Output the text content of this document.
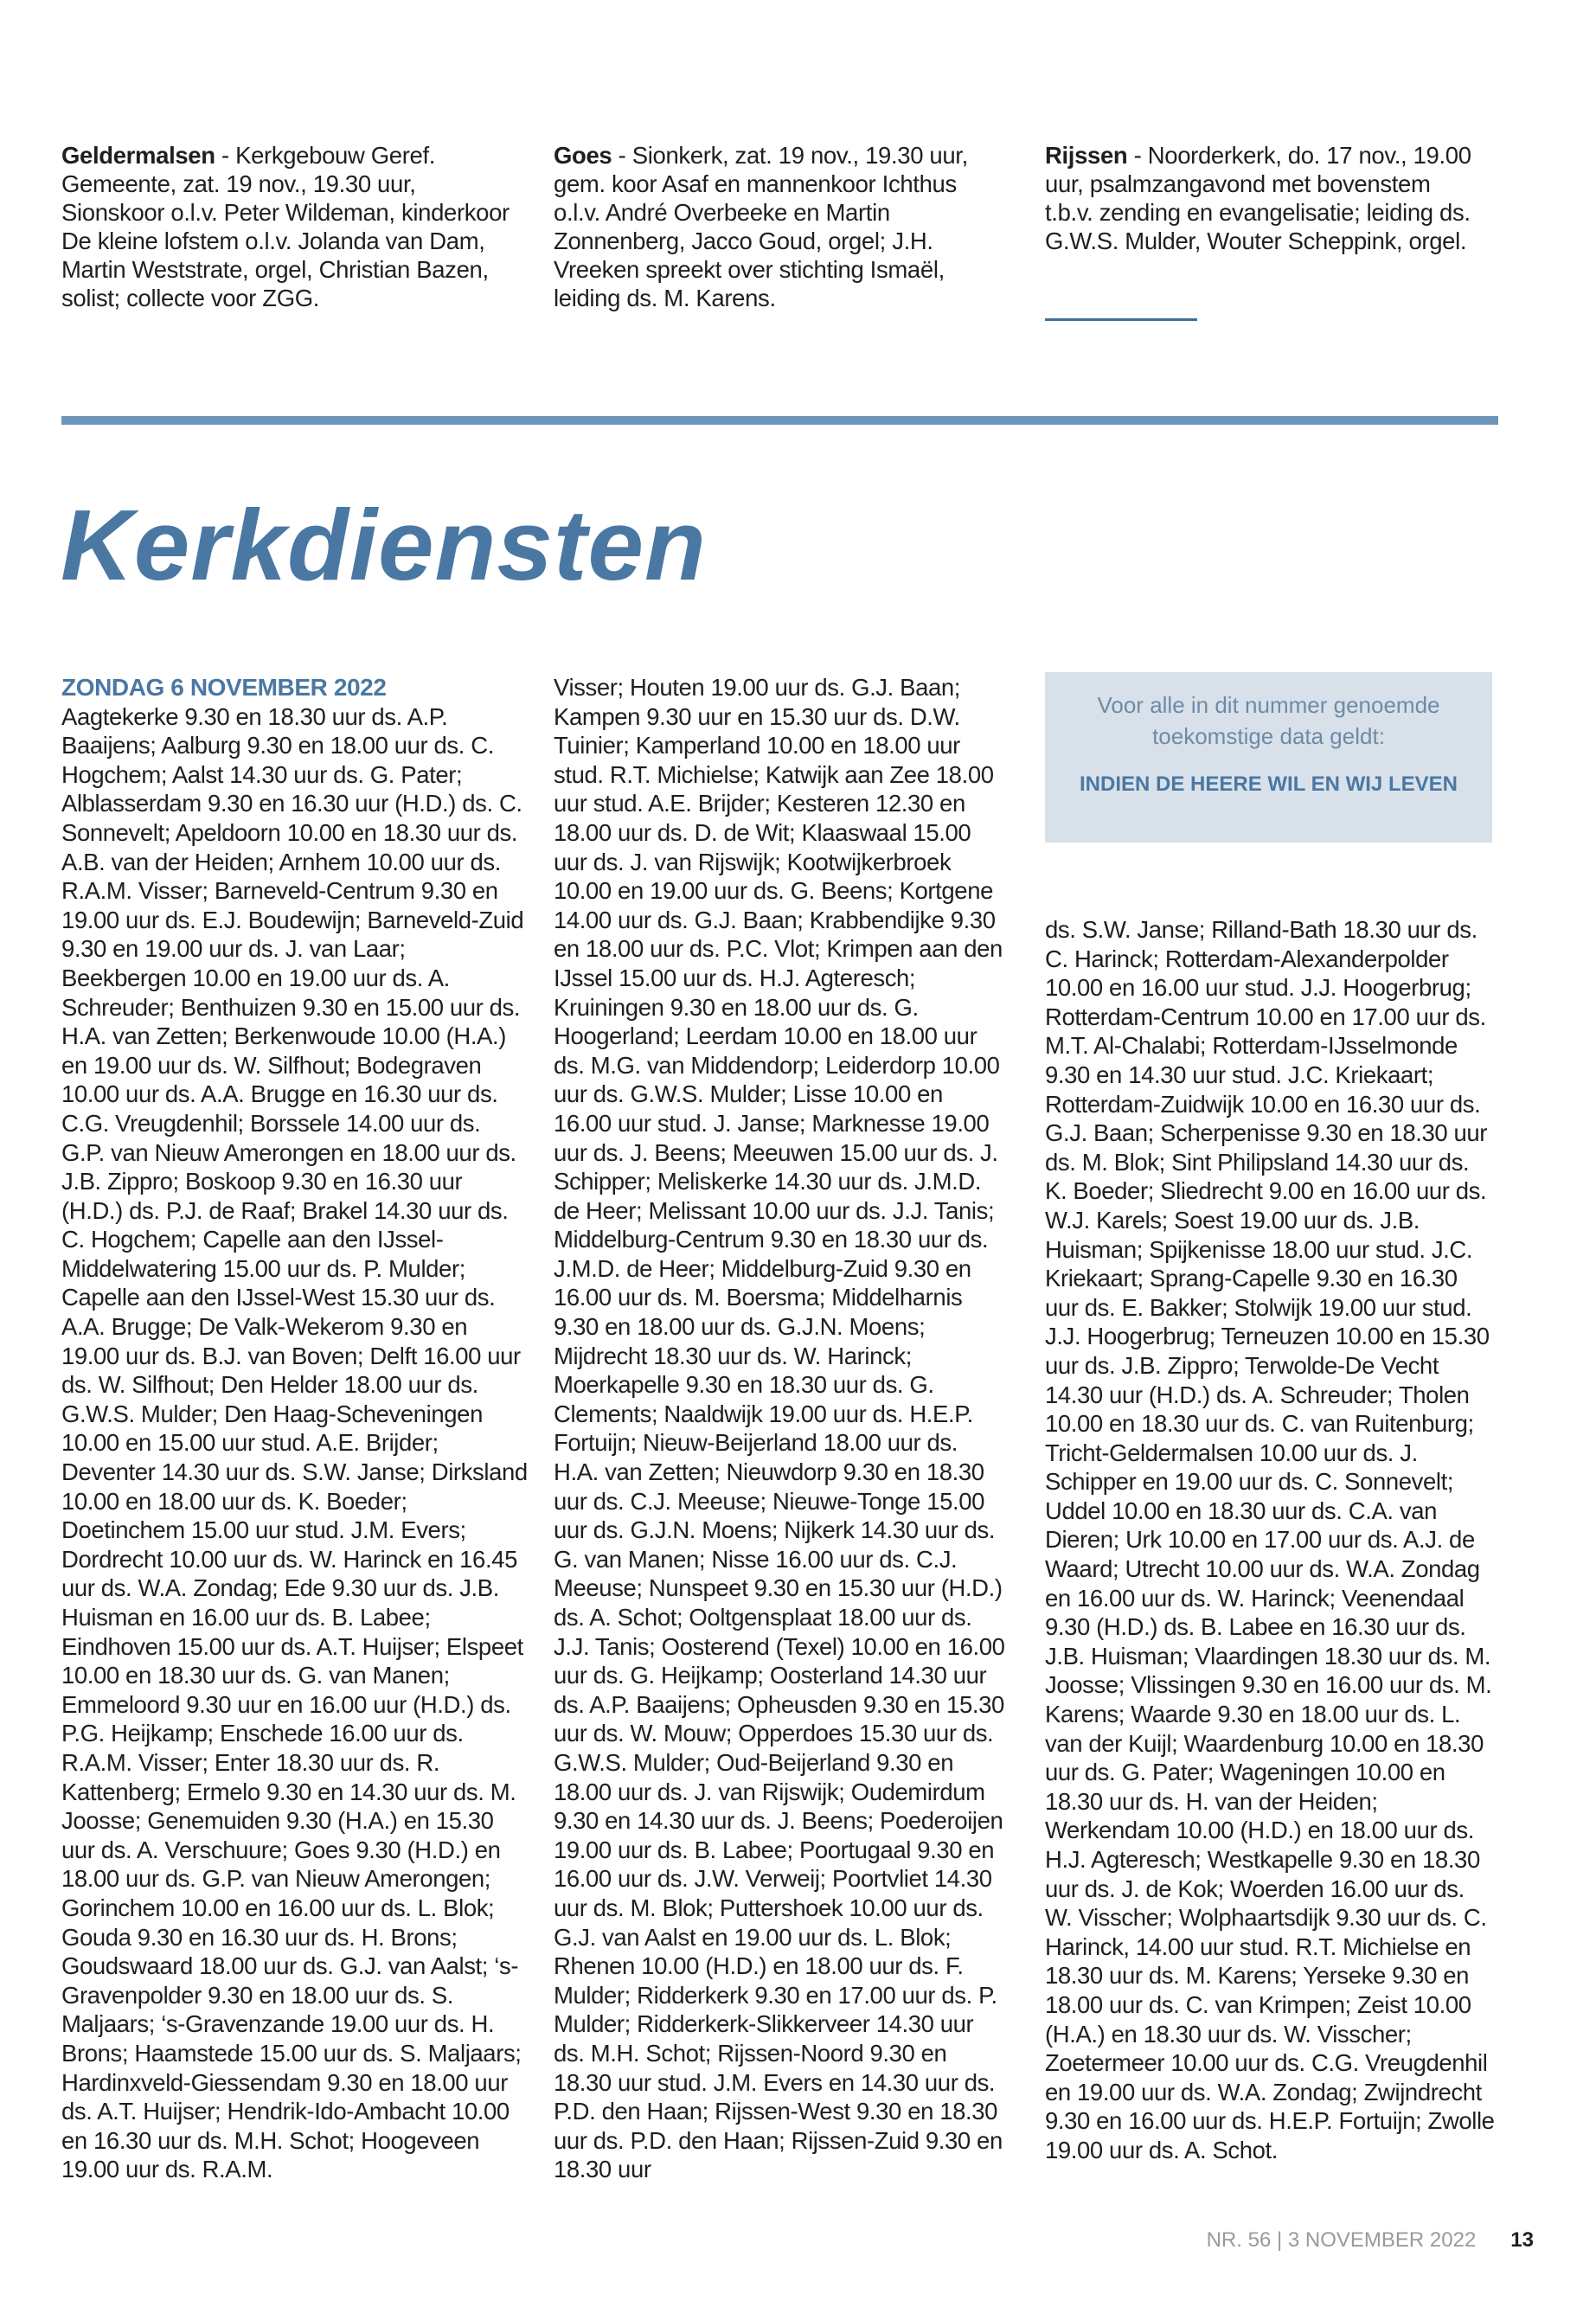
Geldermalsen - Kerkgebouw Geref. Gemeente, zat. 19 nov., 19.30 uur, Sionskoor o.l.v. Peter Wildeman, kinderkoor De kleine lofstem o.l.v. Jolanda van Dam, Martin Weststrate, orgel, Christian Bazen, solist; collecte voor ZGG.
Goes - Sionkerk, zat. 19 nov., 19.30 uur, gem. koor Asaf en mannenkoor Ichthus o.l.v. André Overbeeke en Martin Zonnenberg, Jacco Goud, orgel; J.H. Vreeken spreekt over stichting Ismaël, leiding ds. M. Karens.
Rijssen - Noorderkerk, do. 17 nov., 19.00 uur, psalmzangavond met bovenstem t.b.v. zending en evangelisatie; leiding ds. G.W.S. Mulder, Wouter Scheppink, orgel.
Kerkdiensten
ZONDAG 6 NOVEMBER 2022
Aagtekerke 9.30 en 18.30 uur ds. A.P. Baaijens; Aalburg 9.30 en 18.00 uur ds. C. Hogchem; Aalst 14.30 uur ds. G. Pater; Alblasserdam 9.30 en 16.30 uur (H.D.) ds. C. Sonnevelt; Apeldoorn 10.00 en 18.30 uur ds. A.B. van der Heiden; Arnhem 10.00 uur ds. R.A.M. Visser; Barneveld-Centrum 9.30 en 19.00 uur ds. E.J. Boudewijn; Barneveld-Zuid 9.30 en 19.00 uur ds. J. van Laar; Beekbergen 10.00 en 19.00 uur ds. A. Schreuder; Benthuizen 9.30 en 15.00 uur ds. H.A. van Zetten; Berkenwoude 10.00 (H.A.) en 19.00 uur ds. W. Silfhout; Bodegraven 10.00 uur ds. A.A. Brugge en 16.30 uur ds. C.G. Vreugdenhil; Borssele 14.00 uur ds. G.P. van Nieuw Amerongen en 18.00 uur ds. J.B. Zippro; Boskoop 9.30 en 16.30 uur (H.D.) ds. P.J. de Raaf; Brakel 14.30 uur ds. C. Hogchem; Capelle aan den IJssel-Middelwatering 15.00 uur ds. P. Mulder; Capelle aan den IJssel-West 15.30 uur ds. A.A. Brugge; De Valk-Wekerom 9.30 en 19.00 uur ds. B.J. van Boven; Delft 16.00 uur ds. W. Silfhout; Den Helder 18.00 uur ds. G.W.S. Mulder; Den Haag-Scheveningen 10.00 en 15.00 uur stud. A.E. Brijder; Deventer 14.30 uur ds. S.W. Janse; Dirksland 10.00 en 18.00 uur ds. K. Boeder; Doetinchem 15.00 uur stud. J.M. Evers; Dordrecht 10.00 uur ds. W. Harinck en 16.45 uur ds. W.A. Zondag; Ede 9.30 uur ds. J.B. Huisman en 16.00 uur ds. B. Labee; Eindhoven 15.00 uur ds. A.T. Huijser; Elspeet 10.00 en 18.30 uur ds. G. van Manen; Emmeloord 9.30 uur en 16.00 uur (H.D.) ds. P.G. Heijkamp; Enschede 16.00 uur ds. R.A.M. Visser; Enter 18.30 uur ds. R. Kattenberg; Ermelo 9.30 en 14.30 uur ds. M. Joosse; Genemuiden 9.30 (H.A.) en 15.30 uur ds. A. Verschuure; Goes 9.30 (H.D.) en 18.00 uur ds. G.P. van Nieuw Amerongen; Gorinchem 10.00 en 16.00 uur ds. L. Blok; Gouda 9.30 en 16.30 uur ds. H. Brons; Goudswaard 18.00 uur ds. G.J. van Aalst; ‘s-Gravenpolder 9.30 en 18.00 uur ds. S. Maljaars; ‘s-Gravenzande 19.00 uur ds. H. Brons; Haamstede 15.00 uur ds. S. Maljaars; Hardinxveld-Giessendam 9.30 en 18.00 uur ds. A.T. Huijser; Hendrik-Ido-Ambacht 10.00 en 16.30 uur ds. M.H. Schot; Hoogeveen 19.00 uur ds. R.A.M.
Visser; Houten 19.00 uur ds. G.J. Baan; Kampen 9.30 uur en 15.30 uur ds. D.W. Tuinier; Kamperland 10.00 en 18.00 uur stud. R.T. Michielse; Katwijk aan Zee 18.00 uur stud. A.E. Brijder; Kesteren 12.30 en 18.00 uur ds. D. de Wit; Klaaswaal 15.00 uur ds. J. van Rijswijk; Kootwijkerbroek 10.00 en 19.00 uur ds. G. Beens; Kortgene 14.00 uur ds. G.J. Baan; Krabbendijke 9.30 en 18.00 uur ds. P.C. Vlot; Krimpen aan den IJssel 15.00 uur ds. H.J. Agteresch; Kruiningen 9.30 en 18.00 uur ds. G. Hoogerland; Leerdam 10.00 en 18.00 uur ds. M.G. van Middendorp; Leiderdorp 10.00 uur ds. G.W.S. Mulder; Lisse 10.00 en 16.00 uur stud. J. Janse; Marknesse 19.00 uur ds. J. Beens; Meeuwen 15.00 uur ds. J. Schipper; Meliskerke 14.30 uur ds. J.M.D. de Heer; Melissant 10.00 uur ds. J.J. Tanis; Middelburg-Centrum 9.30 en 18.30 uur ds. J.M.D. de Heer; Middelburg-Zuid 9.30 en 16.00 uur ds. M. Boersma; Middelharnis 9.30 en 18.00 uur ds. G.J.N. Moens; Mijdrecht 18.30 uur ds. W. Harinck; Moerkapelle 9.30 en 18.30 uur ds. G. Clements; Naaldwijk 19.00 uur ds. H.E.P. Fortuijn; Nieuw-Beijerland 18.00 uur ds. H.A. van Zetten; Nieuwdorp 9.30 en 18.30 uur ds. C.J. Meeuse; Nieuwe-Tonge 15.00 uur ds. G.J.N. Moens; Nijkerk 14.30 uur ds. G. van Manen; Nisse 16.00 uur ds. C.J. Meeuse; Nunspeet 9.30 en 15.30 uur (H.D.) ds. A. Schot; Ooltgensplaat 18.00 uur ds. J.J. Tanis; Oosterend (Texel) 10.00 en 16.00 uur ds. G. Heijkamp; Oosterland 14.30 uur ds. A.P. Baaijens; Opheusden 9.30 en 15.30 uur ds. W. Mouw; Opperdoes 15.30 uur ds. G.W.S. Mulder; Oud-Beijerland 9.30 en 18.00 uur ds. J. van Rijswijk; Oudemirdum 9.30 en 14.30 uur ds. J. Beens; Poederoijen 19.00 uur ds. B. Labee; Poortugaal 9.30 en 16.00 uur ds. J.W. Verweij; Poortvliet 14.30 uur ds. M. Blok; Puttershoek 10.00 uur ds. G.J. van Aalst en 19.00 uur ds. L. Blok; Rhenen 10.00 (H.D.) en 18.00 uur ds. F. Mulder; Ridderkerk 9.30 en 17.00 uur ds. P. Mulder; Ridderkerk-Slikkerveer 14.30 uur ds. M.H. Schot; Rijssen-Noord 9.30 en 18.30 uur stud. J.M. Evers en 14.30 uur ds. P.D. den Haan; Rijssen-West 9.30 en 18.30 uur ds. P.D. den Haan; Rijssen-Zuid 9.30 en 18.30 uur
Voor alle in dit nummer genoemde
toekomstige data geldt:
INDIEN DE HEERE WIL EN WIJ LEVEN
ds. S.W. Janse; Rilland-Bath 18.30 uur ds. C. Harinck; Rotterdam-Alexanderpolder 10.00 en 16.00 uur stud. J.J. Hoogerbrug; Rotterdam-Centrum 10.00 en 17.00 uur ds. M.T. Al-Chalabi; Rotterdam-IJsselmonde 9.30 en 14.30 uur stud. J.C. Kriekaart; Rotterdam-Zuidwijk 10.00 en 16.30 uur ds. G.J. Baan; Scherpenisse 9.30 en 18.30 uur ds. M. Blok; Sint Philipsland 14.30 uur ds. K. Boeder; Sliedrecht 9.00 en 16.00 uur ds. W.J. Karels; Soest 19.00 uur ds. J.B. Huisman; Spijkenisse 18.00 uur stud. J.C. Kriekaart; Sprang-Capelle 9.30 en 16.30 uur ds. E. Bakker; Stolwijk 19.00 uur stud. J.J. Hoogerbrug; Terneuzen 10.00 en 15.30 uur ds. J.B. Zippro; Terwolde-De Vecht 14.30 uur (H.D.) ds. A. Schreuder; Tholen 10.00 en 18.30 uur ds. C. van Ruitenburg; Tricht-Geldermalsen 10.00 uur ds. J. Schipper en 19.00 uur ds. C. Sonnevelt; Uddel 10.00 en 18.30 uur ds. C.A. van Dieren; Urk 10.00 en 17.00 uur ds. A.J. de Waard; Utrecht 10.00 uur ds. W.A. Zondag en 16.00 uur ds. W. Harinck; Veenendaal 9.30 (H.D.) ds. B. Labee en 16.30 uur ds. J.B. Huisman; Vlaardingen 18.30 uur ds. M. Joosse; Vlissingen 9.30 en 16.00 uur ds. M. Karens; Waarde 9.30 en 18.00 uur ds. L. van der Kuijl; Waardenburg 10.00 en 18.30 uur ds. G. Pater; Wageningen 10.00 en 18.30 uur ds. H. van der Heiden; Werkendam 10.00 (H.D.) en 18.00 uur ds. H.J. Agteresch; Westkapelle 9.30 en 18.30 uur ds. J. de Kok; Woerden 16.00 uur ds. W. Visscher; Wolphaartsdijk 9.30 uur ds. C. Harinck, 14.00 uur stud. R.T. Michielse en 18.30 uur ds. M. Karens; Yerseke 9.30 en 18.00 uur ds. C. van Krimpen; Zeist 10.00 (H.A.) en 18.30 uur ds. W. Visscher; Zoetermeer 10.00 uur ds. C.G. Vreugdenhil en 19.00 uur ds. W.A. Zondag; Zwijndrecht 9.30 en 16.00 uur ds. H.E.P. Fortuijn; Zwolle 19.00 uur ds. A. Schot.
NR. 56 | 3 NOVEMBER 2022 13
